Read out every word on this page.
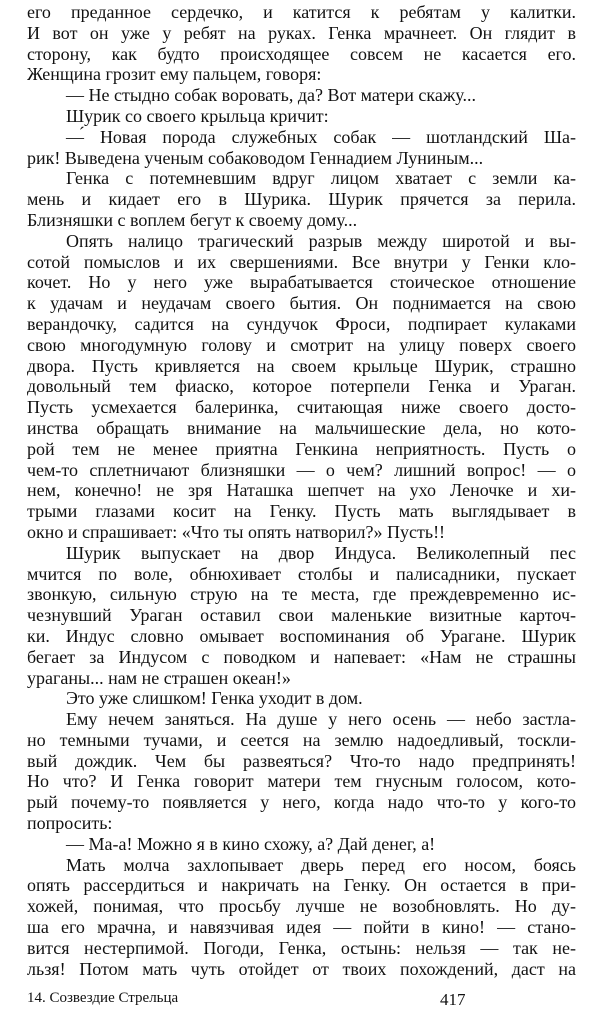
его преданное сердечко, и катится к ребятам у калитки.
И вот он уже у ребят на руках. Генка мрачнеет. Он глядит в
сторону, как будто происходящее совсем не касается его.
Женщина грозит ему пальцем, говоря:
— Не стыдно собак воровать, да? Вот матери скажу...
Шурик со своего крыльца кричит:
—́ Новая порода служебных собак — шотландский Ша-
рик! Выведена ученым собаководом Геннадием Луниным...
Генка с потемневшим вдруг лицом хватает с земли ка-
мень и кидает его в Шурика. Шурик прячется за перила.
Близняшки с воплем бегут к своему дому...
Опять налицо трагический разрыв между широтой и вы-
сотой помыслов и их свершениями. Все внутри у Генки кло-
кочет. Но у него уже вырабатывается стоическое отношение
к удачам и неудачам своего бытия. Он поднимается на свою
верандочку, садится на сундучок Фроси, подпирает кулаками
свою многодумную голову и смотрит на улицу поверх своего
двора. Пусть кривляется на своем крыльце Шурик, страшно
довольный тем фиаско, которое потерпели Генка и Ураган.
Пусть усмехается балеринка, считающая ниже своего досто-
инства обращать внимание на мальчишеские дела, но кото-
рой тем не менее приятна Генкина неприятность. Пусть о
чем-то сплетничают близняшки — о чем? лишний вопрос! — о
нем, конечно! не зря Наташка шепчет на ухо Леночке и хи-
трыми глазами косит на Генку. Пусть мать выглядывает в
окно и спрашивает: «Что ты опять натворил?» Пусть!!
Шурик выпускает на двор Индуса. Великолепный пес
мчится по воле, обнюхивает столбы и палисадники, пускает
звонкую, сильную струю на те места, где преждевременно ис-
чезнувший Ураган оставил свои маленькие визитные карточ-
ки. Индус словно омывает воспоминания об Урагане. Шурик
бегает за Индусом с поводком и напевает: «Нам не страшны
ураганы... нам не страшен океан!»
Это уже слишком! Генка уходит в дом.
Ему нечем заняться. На душе у него осень — небо застла-
но темными тучами, и сеется на землю надоедливый, тоскли-
вый дождик. Чем бы развеяться? Что-то надо предпринять!
Но что? И Генка говорит матери тем гнусным голосом, кото-
рый почему-то появляется у него, когда надо что-то у кого-то
попросить:
— Ма-а! Можно я в кино схожу, а? Дай денег, а!
Мать молча захлопывает дверь перед его носом, боясь
опять рассердиться и накричать на Генку. Он остается в при-
хожей, понимая, что просьбу лучше не возобновлять. Но ду-
ша его мрачна, и навязчивая идея — пойти в кино! — стано-
вится нестерпимой. Погоди, Генка, остынь: нельзя — так не-
льзя! Потом мать чуть отойдет от твоих похождений, даст на
14. Созвездие Стрельца	417
